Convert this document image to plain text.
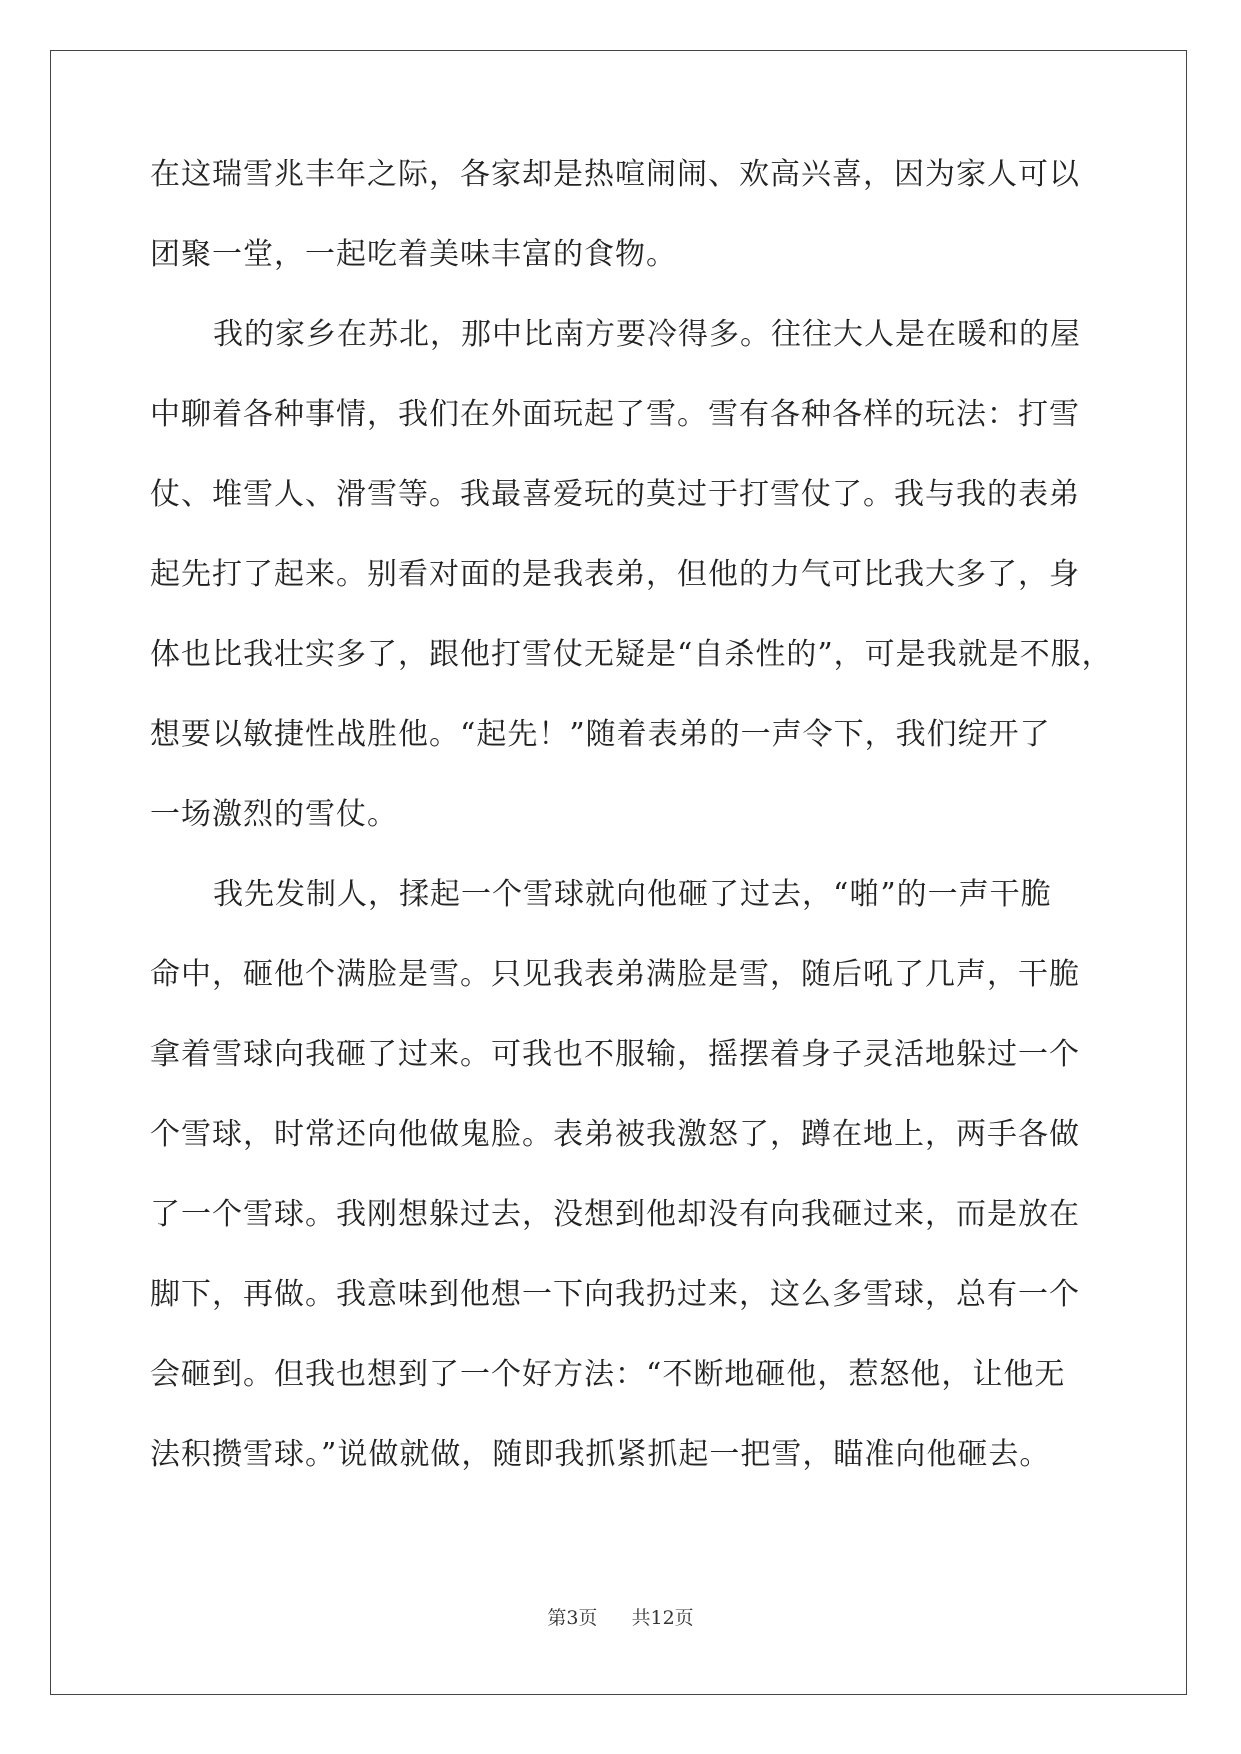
在这瑞雪兆丰年之际，各家却是热喧闹闹、欢高兴喜，因为家人可以
团聚一堂，一起吃着美味丰富的食物。
我的家乡在苏北，那中比南方要冷得多。往往大人是在暖和的屋
中聊着各种事情，我们在外面玩起了雪。雪有各种各样的玩法：打雪
仗、堆雪人、滑雪等。我最喜爱玩的莫过于打雪仗了。我与我的表弟
起先打了起来。别看对面的是我表弟，但他的力气可比我大多了，身
体也比我壮实多了，跟他打雪仗无疑是“自杀性的”，可是我就是不服，
想要以敏捷性战胜他。“起先！”随着表弟的一声令下，我们绽开了
一场激烈的雪仗。
我先发制人，揉起一个雪球就向他砸了过去，“啪”的一声干脆
命中，砸他个满脸是雪。只见我表弟满脸是雪，随后吼了几声，干脆
拿着雪球向我砸了过来。可我也不服输，摇摆着身子灵活地躲过一个
个雪球，时常还向他做鬼脸。表弟被我激怒了，蹲在地上，两手各做
了一个雪球。我刚想躲过去，没想到他却没有向我砸过来，而是放在
脚下，再做。我意味到他想一下向我扔过来，这么多雪球，总有一个
会砸到。但我也想到了一个好方法：“不断地砸他，惹怒他，让他无
法积攒雪球。”说做就做，随即我抓紧抓起一把雪，瞄准向他砸去。
第3页 共12页
